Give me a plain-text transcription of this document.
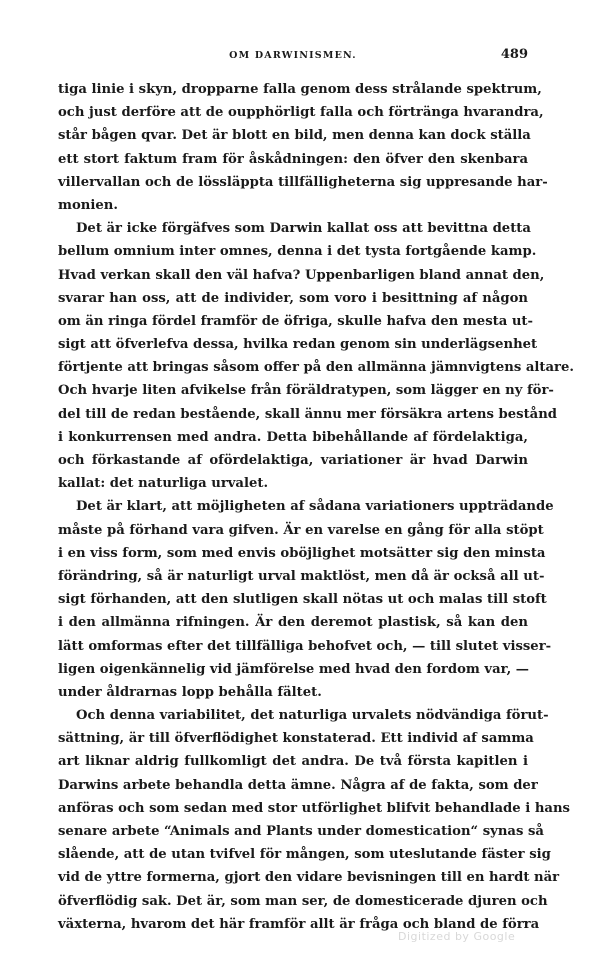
OM DARWINISMEN.	489
tiga linie i skyn, dropparne falla genom dess strålande spektrum,
och just derföre att de oupphörligt falla och förtränga hvarandra,
står bågen qvar. Det är blott en bild, men denna kan dock ställa
ett stort faktum fram för åskådningen: den öfver den skenbara
villervallan och de lössläppta tillfälligheterna sig uppresande har-
monien.
Det är icke förgäfves som Darwin kallat oss att bevittna detta
bellum omnium inter omnes, denna i det tysta fortgående kamp.
Hvad verkan skall den väl hafva? Uppenbarligen bland annat den,
svarar han oss, att de individer, som voro i besittning af någon
om än ringa fördel framför de öfriga, skulle hafva den mesta ut-
sigt att öfverlefva dessa, hvilka redan genom sin underlägsenhet
förtjente att bringas såsom offer på den allmänna jämnvigtens altare.
Och hvarje liten afvikelse från föräldratypen, som lägger en ny för-
del till de redan bestående, skall ännu mer försäkra artens bestånd
i konkurrensen med andra. Detta bibehållande af fördelaktiga,
och förkastande af ofördelaktiga, variationer är hvad Darwin
kallat: det naturliga urvalet.
Det är klart, att möjligheten af sådana variationers uppträdande
måste på förhand vara gifven. Är en varelse en gång för alla stöpt
i en viss form, som med envis oböjlighet motsätter sig den minsta
förändring, så är naturligt urval maktlöst, men då är också all ut-
sigt förhanden, att den slutligen skall nötas ut och malas till stoft
i den allmänna rifningen. Är den deremot plastisk, så kan den
lätt omformas efter det tillfälliga behofvet och, — till slutet visser-
ligen oigenkännelig vid jämförelse med hvad den fordom var, —
under åldrarnas lopp behålla fältet.
Och denna variabilitet, det naturliga urvalets nödvändiga förut-
sättning, är till öfverflödighet konstaterad. Ett individ af samma
art liknar aldrig fullkomligt det andra. De två första kapitlen i
Darwins arbete behandla detta ämne. Några af de fakta, som der
anföras och som sedan med stor utförlighet blifvit behandlade i hans
senare arbete “Animals and Plants under domestication“ synas så
slående, att de utan tvifvel för mången, som uteslutande fäster sig
vid de yttre formerna, gjort den vidare bevisningen till en hardt när
öfverflödig sak. Det är, som man ser, de domesticerade djuren och
växterna, hvarom det här framför allt är fråga och bland de förra
Digitized by Google
